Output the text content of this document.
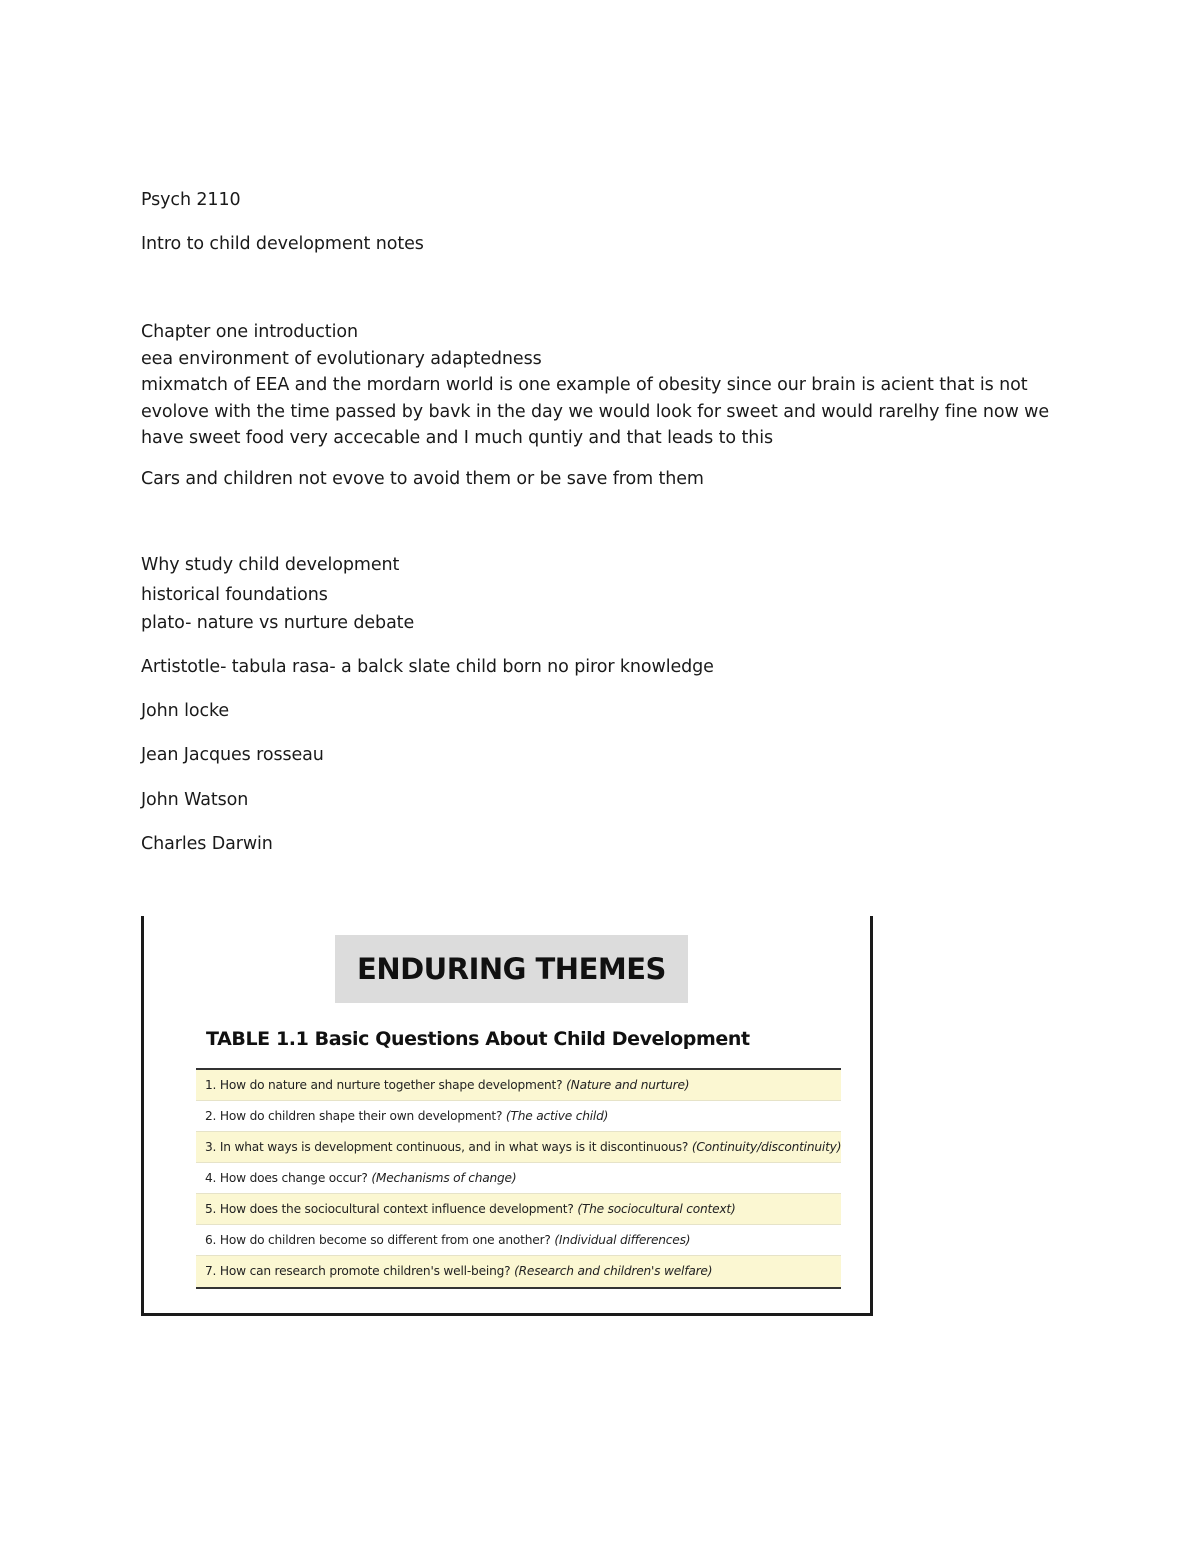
Psych 2110
Intro to child development notes
Chapter one introduction
eea environment of evolutionary adaptedness
mixmatch of EEA and the mordarn world is one example of obesity since our brain is acient that is not evolove with the time passed by bavk in the day we would look for sweet and would rarelhy fine now we have sweet food very accecable and I much quntiy and that leads to this
Cars and children not evove to avoid them or be save from them
Why study child development
historical foundations
plato- nature vs nurture debate
Artistotle- tabula rasa- a balck slate child born no piror knowledge
John locke
Jean Jacques rosseau
John Watson
Charles Darwin
ENDURING THEMES
TABLE 1.1 Basic Questions About Child Development
1. How do nature and nurture together shape development? (Nature and nurture)
2. How do children shape their own development? (The active child)
3. In what ways is development continuous, and in what ways is it discontinuous? (Continuity/discontinuity)
4. How does change occur? (Mechanisms of change)
5. How does the sociocultural context influence development? (The sociocultural context)
6. How do children become so different from one another? (Individual differences)
7. How can research promote children's well-being? (Research and children's welfare)
